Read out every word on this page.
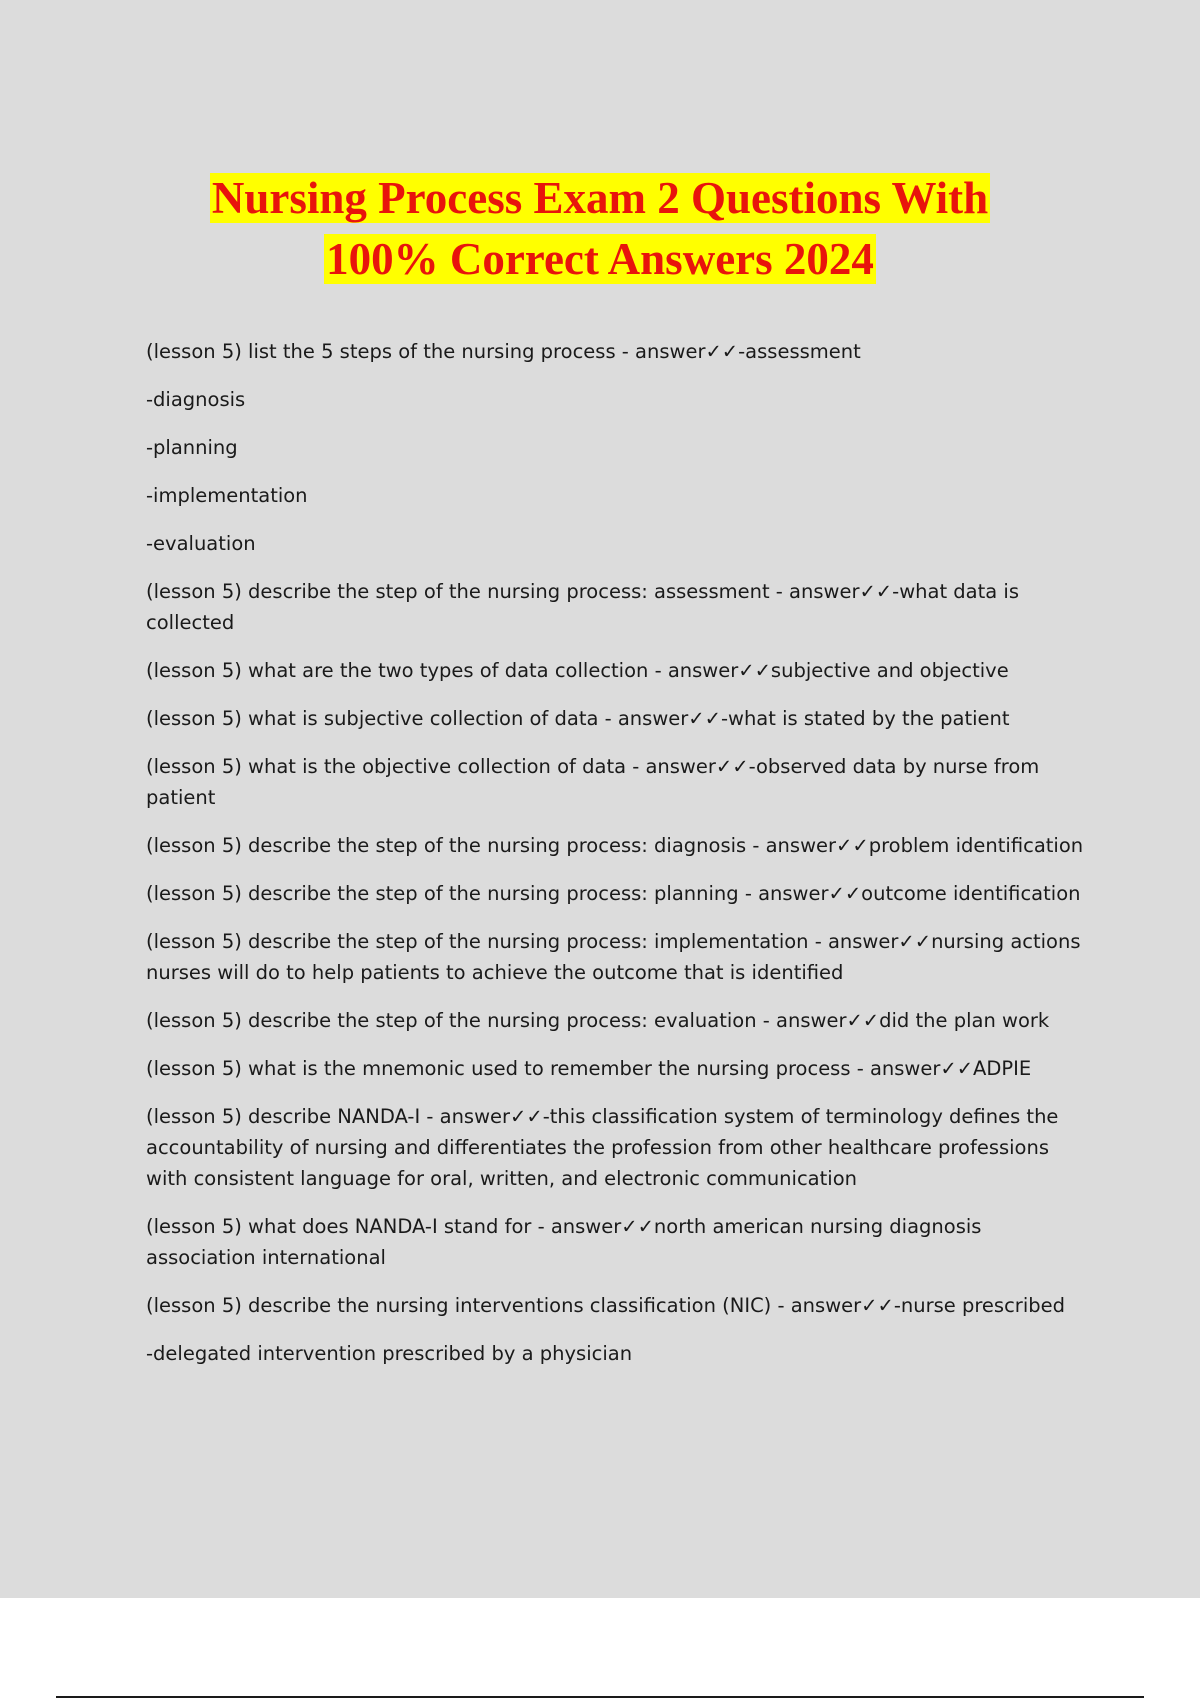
Nursing Process Exam 2 Questions With
100% Correct Answers 2024

(lesson 5) list the 5 steps of the nursing process - answer✓✓-assessment

-diagnosis

-planning

-implementation

-evaluation

(lesson 5) describe the step of the nursing process: assessment - answer✓✓-what data is collected

(lesson 5) what are the two types of data collection - answer✓✓subjective and objective

(lesson 5) what is subjective collection of data - answer✓✓-what is stated by the patient

(lesson 5) what is the objective collection of data - answer✓✓-observed data by nurse from patient

(lesson 5) describe the step of the nursing process: diagnosis - answer✓✓problem identification

(lesson 5) describe the step of the nursing process: planning - answer✓✓outcome identification

(lesson 5) describe the step of the nursing process: implementation - answer✓✓nursing actions nurses will do to help patients to achieve the outcome that is identified

(lesson 5) describe the step of the nursing process: evaluation - answer✓✓did the plan work

(lesson 5) what is the mnemonic used to remember the nursing process - answer✓✓ADPIE

(lesson 5) describe NANDA-I - answer✓✓-this classification system of terminology defines the accountability of nursing and differentiates the profession from other healthcare professions with consistent language for oral, written, and electronic communication

(lesson 5) what does NANDA-I stand for - answer✓✓north american nursing diagnosis association international

(lesson 5) describe the nursing interventions classification (NIC) - answer✓✓-nurse prescribed

-delegated intervention prescribed by a physician
